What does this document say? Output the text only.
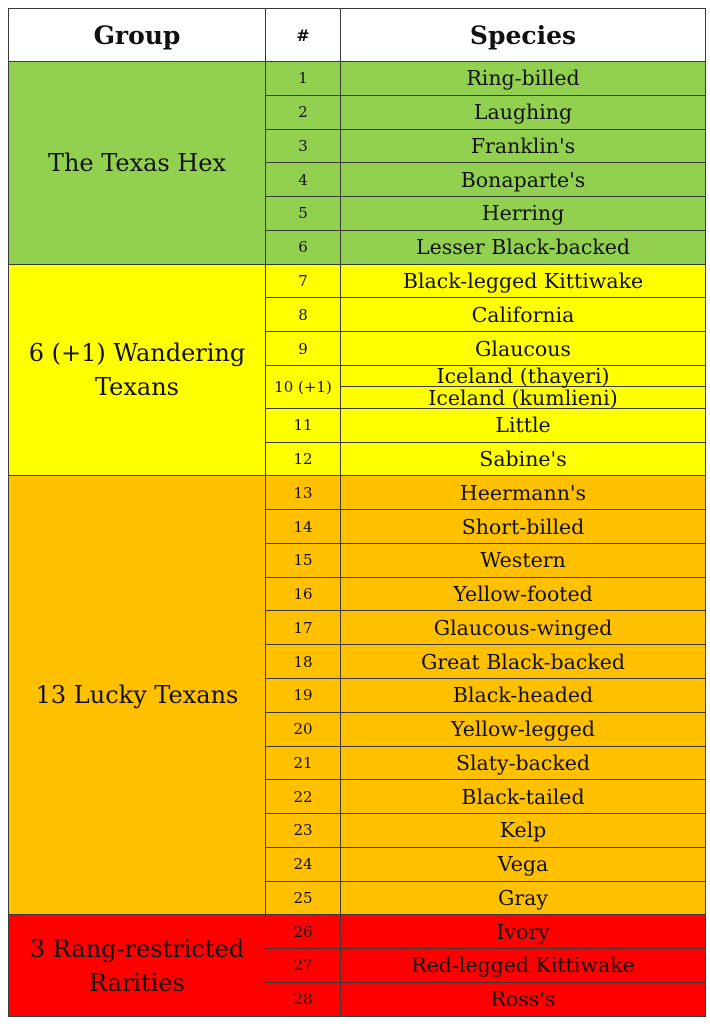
Group	#	Species
The Texas Hex	1	Ring-billed
	2	Laughing
	3	Franklin's
	4	Bonaparte's
	5	Herring
	6	Lesser Black-backed
6 (+1) Wandering Texans	7	Black-legged Kittiwake
	8	California
	9	Glaucous
	10 (+1)	Iceland (thayeri)
		Iceland (kumlieni)
	11	Little
	12	Sabine's
13 Lucky Texans	13	Heermann's
	14	Short-billed
	15	Western
	16	Yellow-footed
	17	Glaucous-winged
	18	Great Black-backed
	19	Black-headed
	20	Yellow-legged
	21	Slaty-backed
	22	Black-tailed
	23	Kelp
	24	Vega
	25	Gray
3 Rang-restricted Rarities	26	Ivory
	27	Red-legged Kittiwake
	28	Ross's
